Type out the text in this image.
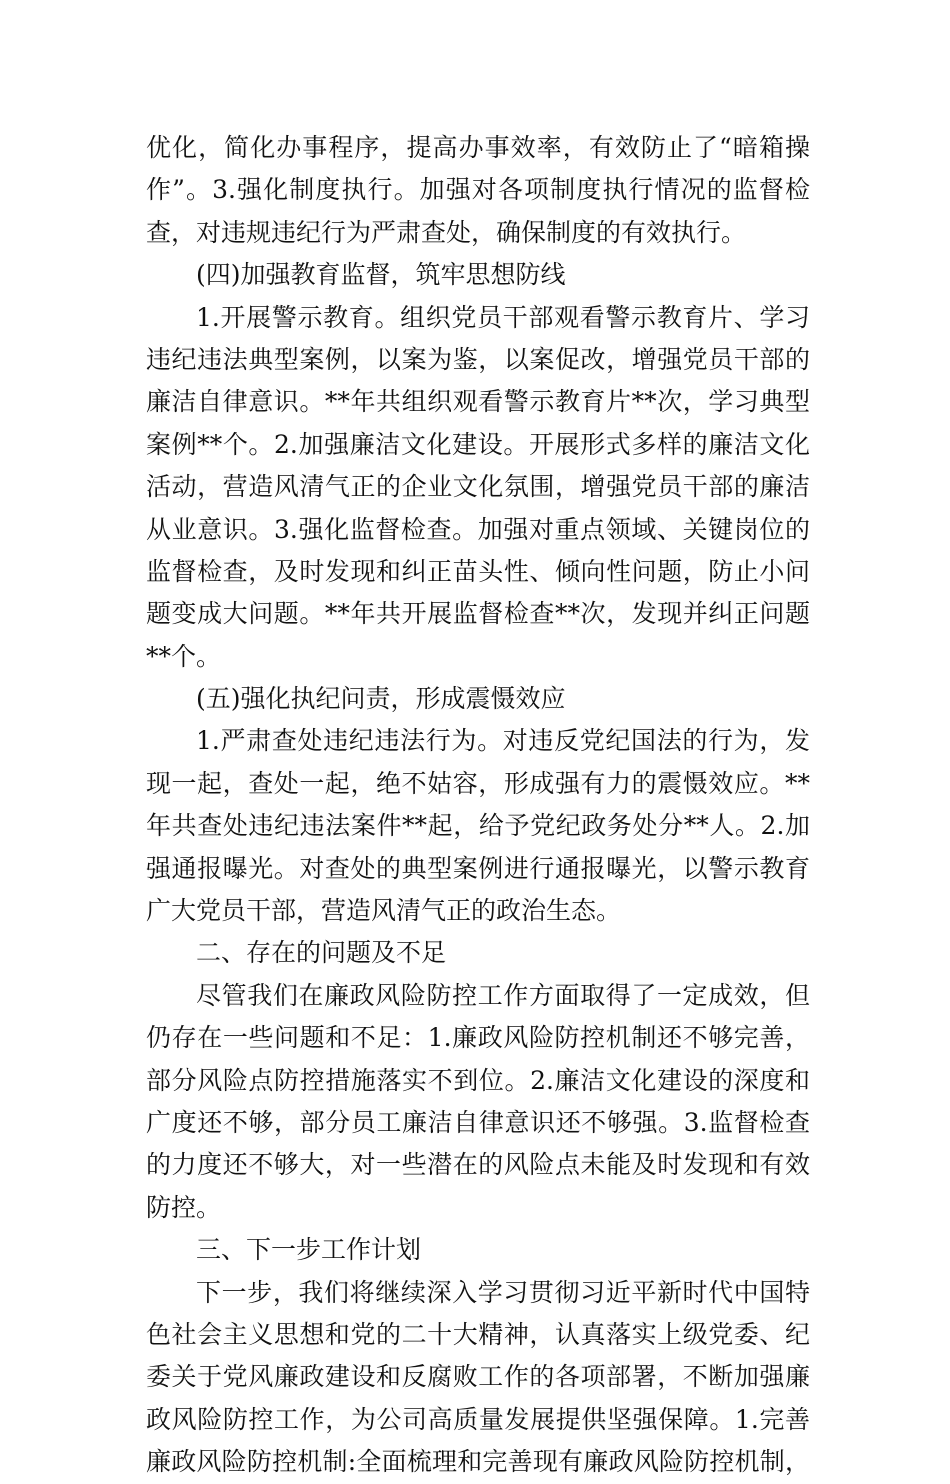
优化，简化办事程序，提高办事效率，有效防止了“暗箱操
作”。3.强化制度执行。加强对各项制度执行情况的监督检
查，对违规违纪行为严肃查处，确保制度的有效执行。
(四)加强教育监督，筑牢思想防线
1.开展警示教育。组织党员干部观看警示教育片、学习
违纪违法典型案例，以案为鉴，以案促改，增强党员干部的
廉洁自律意识。**年共组织观看警示教育片**次，学习典型
案例**个。2.加强廉洁文化建设。开展形式多样的廉洁文化
活动，营造风清气正的企业文化氛围，增强党员干部的廉洁
从业意识。3.强化监督检查。加强对重点领域、关键岗位的
监督检查，及时发现和纠正苗头性、倾向性问题，防止小问
题变成大问题。**年共开展监督检查**次，发现并纠正问题
**个。
(五)强化执纪问责，形成震慑效应
1.严肃查处违纪违法行为。对违反党纪国法的行为，发
现一起，查处一起，绝不姑容，形成强有力的震慑效应。**
年共查处违纪违法案件**起，给予党纪政务处分**人。2.加
强通报曝光。对查处的典型案例进行通报曝光，以警示教育
广大党员干部，营造风清气正的政治生态。
二、存在的问题及不足
尽管我们在廉政风险防控工作方面取得了一定成效，但
仍存在一些问题和不足：1.廉政风险防控机制还不够完善，
部分风险点防控措施落实不到位。2.廉洁文化建设的深度和
广度还不够，部分员工廉洁自律意识还不够强。3.监督检查
的力度还不够大，对一些潜在的风险点未能及时发现和有效
防控。
三、下一步工作计划
下一步，我们将继续深入学习贯彻习近平新时代中国特
色社会主义思想和党的二十大精神，认真落实上级党委、纪
委关于党风廉政建设和反腐败工作的各项部署，不断加强廉
政风险防控工作，为公司高质量发展提供坚强保障。1.完善
廉政风险防控机制:全面梳理和完善现有廉政风险防控机制，
